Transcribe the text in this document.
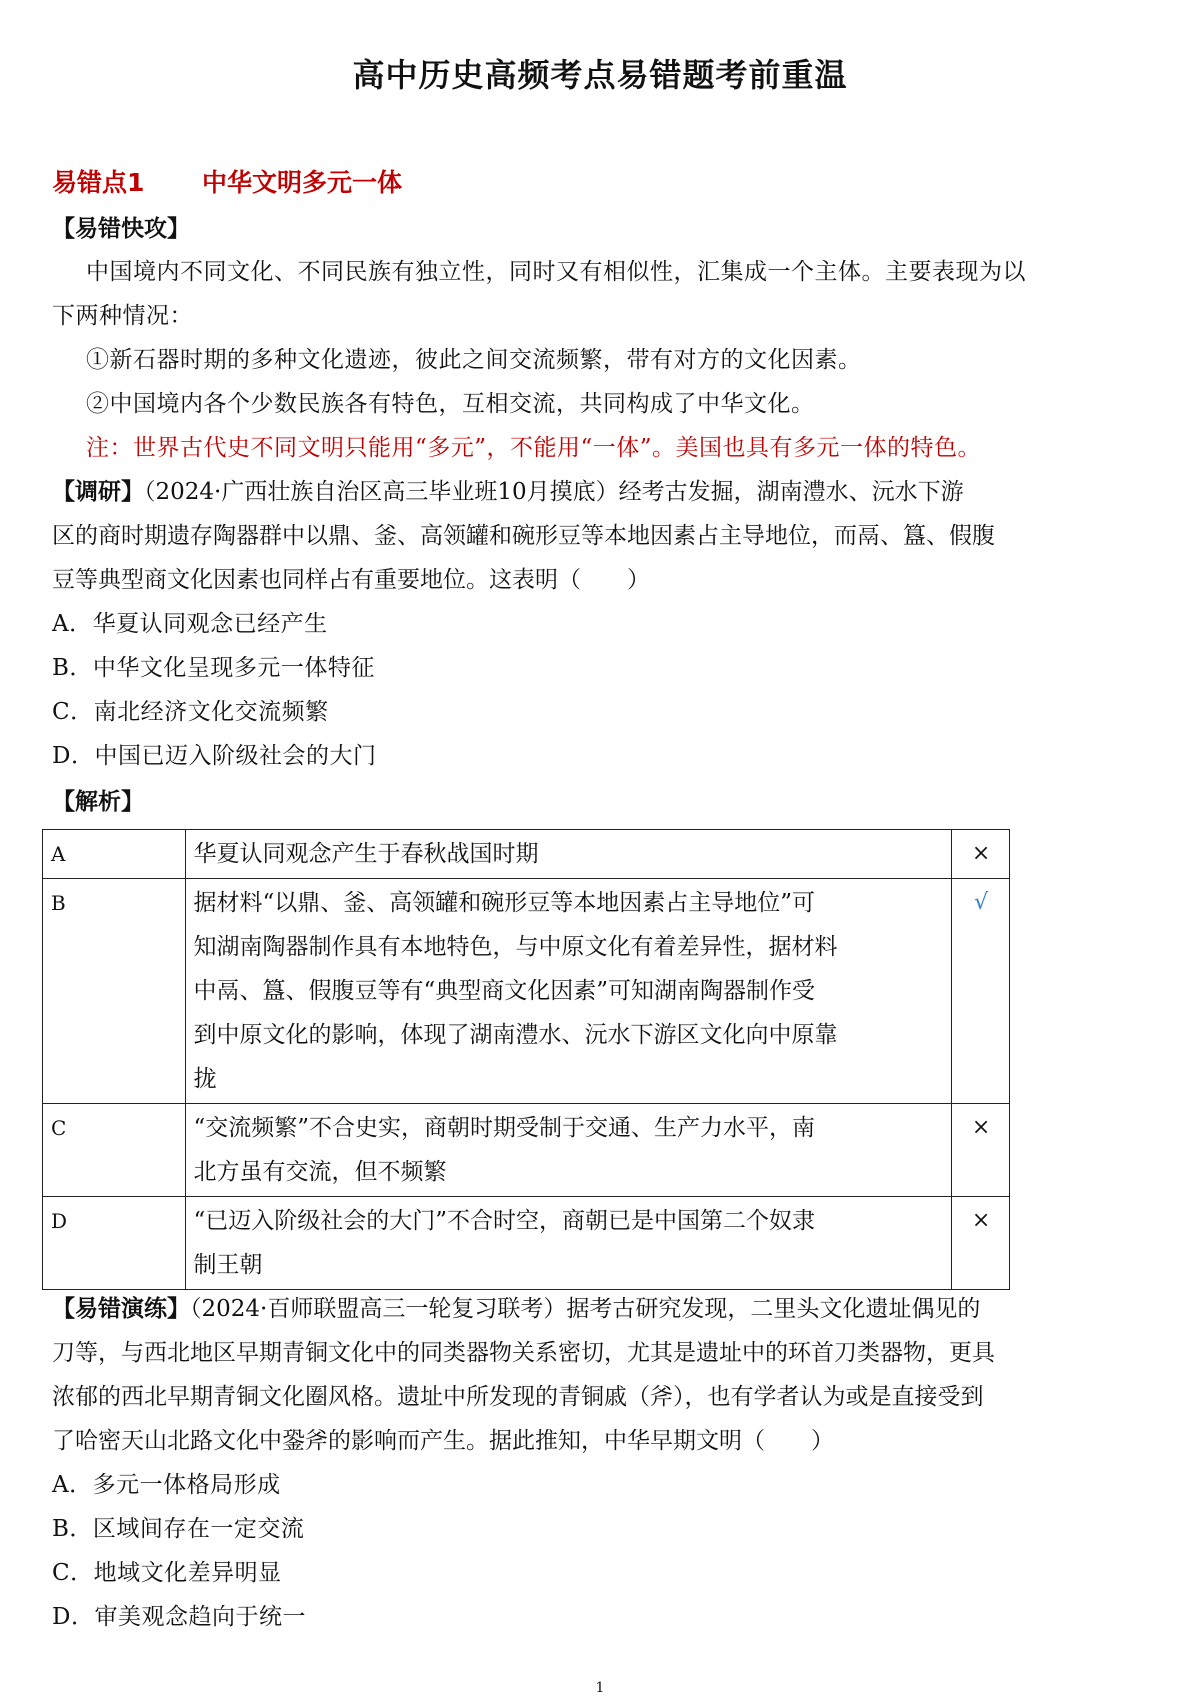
高中历史高频考点易错题考前重温
易错点1 中华文明多元一体
【易错快攻】
中国境内不同文化、不同民族有独立性，同时又有相似性，汇集成一个主体。主要表现为以
下两种情况：
①新石器时期的多种文化遗迹，彼此之间交流频繁，带有对方的文化因素。
②中国境内各个少数民族各有特色，互相交流，共同构成了中华文化。
注：世界古代史不同文明只能用“多元”，不能用“一体”。美国也具有多元一体的特色。
【调研】（2024·广西壮族自治区高三毕业班10月摸底）经考古发掘，湖南澧水、沅水下游
区的商时期遗存陶器群中以鼎、釜、高领罐和碗形豆等本地因素占主导地位，而鬲、簋、假腹
豆等典型商文化因素也同样占有重要地位。这表明（　　）
A．华夏认同观念已经产生
B．中华文化呈现多元一体特征
C．南北经济文化交流频繁
D．中国已迈入阶级社会的大门
【解析】
A	华夏认同观念产生于春秋战国时期	×
B	据材料“以鼎、釜、高领罐和碗形豆等本地因素占主导地位”可
知湖南陶器制作具有本地特色，与中原文化有着差异性，据材料
中鬲、簋、假腹豆等有“典型商文化因素”可知湖南陶器制作受
到中原文化的影响，体现了湖南澧水、沅水下游区文化向中原靠
拢	√
C	“交流频繁”不合史实，商朝时期受制于交通、生产力水平，南
北方虽有交流，但不频繁	×
D	“已迈入阶级社会的大门”不合时空，商朝已是中国第二个奴隶
制王朝	×
【易错演练】（2024·百师联盟高三一轮复习联考）据考古研究发现，二里头文化遗址偶见的
刀等，与西北地区早期青铜文化中的同类器物关系密切，尤其是遗址中的环首刀类器物，更具
浓郁的西北早期青铜文化圈风格。遗址中所发现的青铜戚（斧），也有学者认为或是直接受到
了哈密天山北路文化中銎斧的影响而产生。据此推知，中华早期文明（　　）
A．多元一体格局形成
B．区域间存在一定交流
C．地域文化差异明显
D．审美观念趋向于统一
1
